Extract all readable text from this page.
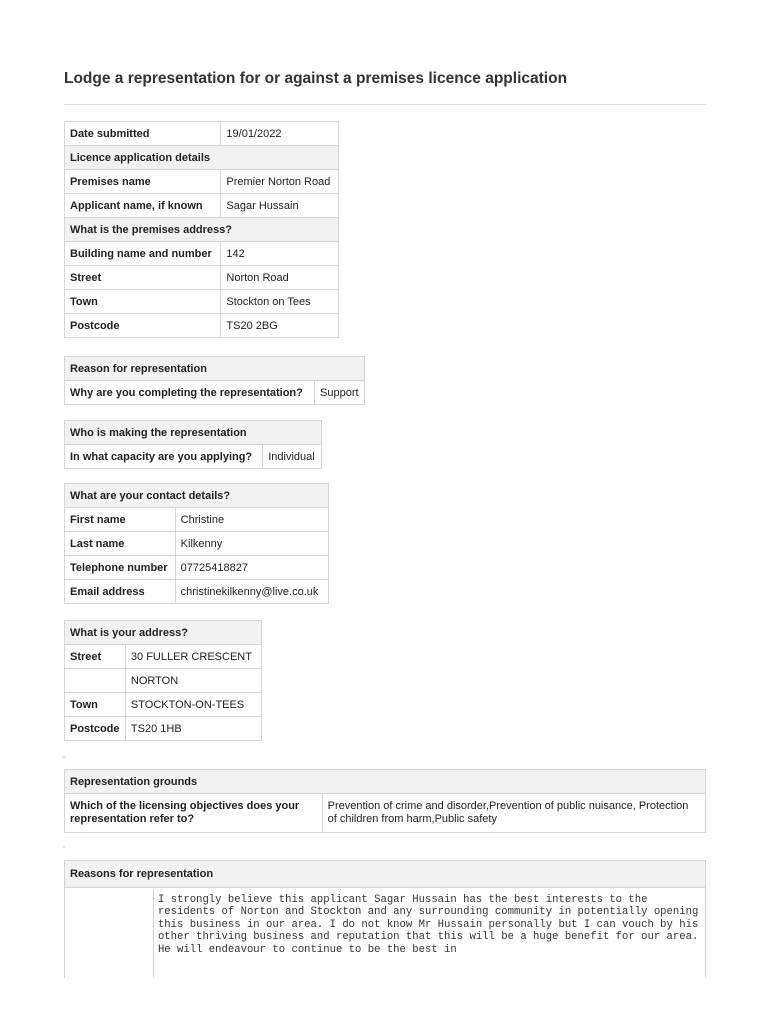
Lodge a representation for or against a premises licence application
Date submitted	19/01/2022
Licence application details	
Premises name	Premier Norton Road
Applicant name, if known	Sagar Hussain
What is the premises address?	
Building name and number	142
Street	Norton Road
Town	Stockton on Tees
Postcode	TS20 2BG
Reason for representation
Why are you completing the representation?	Support
Who is making the representation
In what capacity are you applying?	Individual
What are your contact details?	
First name	Christine
Last name	Kilkenny
Telephone number	07725418827
Email address	christinekilkenny@live.co.uk
What is your address?	
Street	30 FULLER CRESCENT
	NORTON
Town	STOCKTON-ON-TEES
Postcode	TS20 1HB
Representation grounds
Which of the licensing objectives does your representation refer to?	Prevention of crime and disorder,Prevention of public nuisance, Protection of children from harm,Public safety
Reasons for representation
	I strongly believe this applicant Sagar Hussain has the best interests to the residents of Norton and Stockton and any surrounding community in potentially opening this business in our area. I do not know Mr Hussain personally but I can vouch by his other thriving business and reputation that this will be a huge benefit for our area. He will endeavour to continue to be the best in
